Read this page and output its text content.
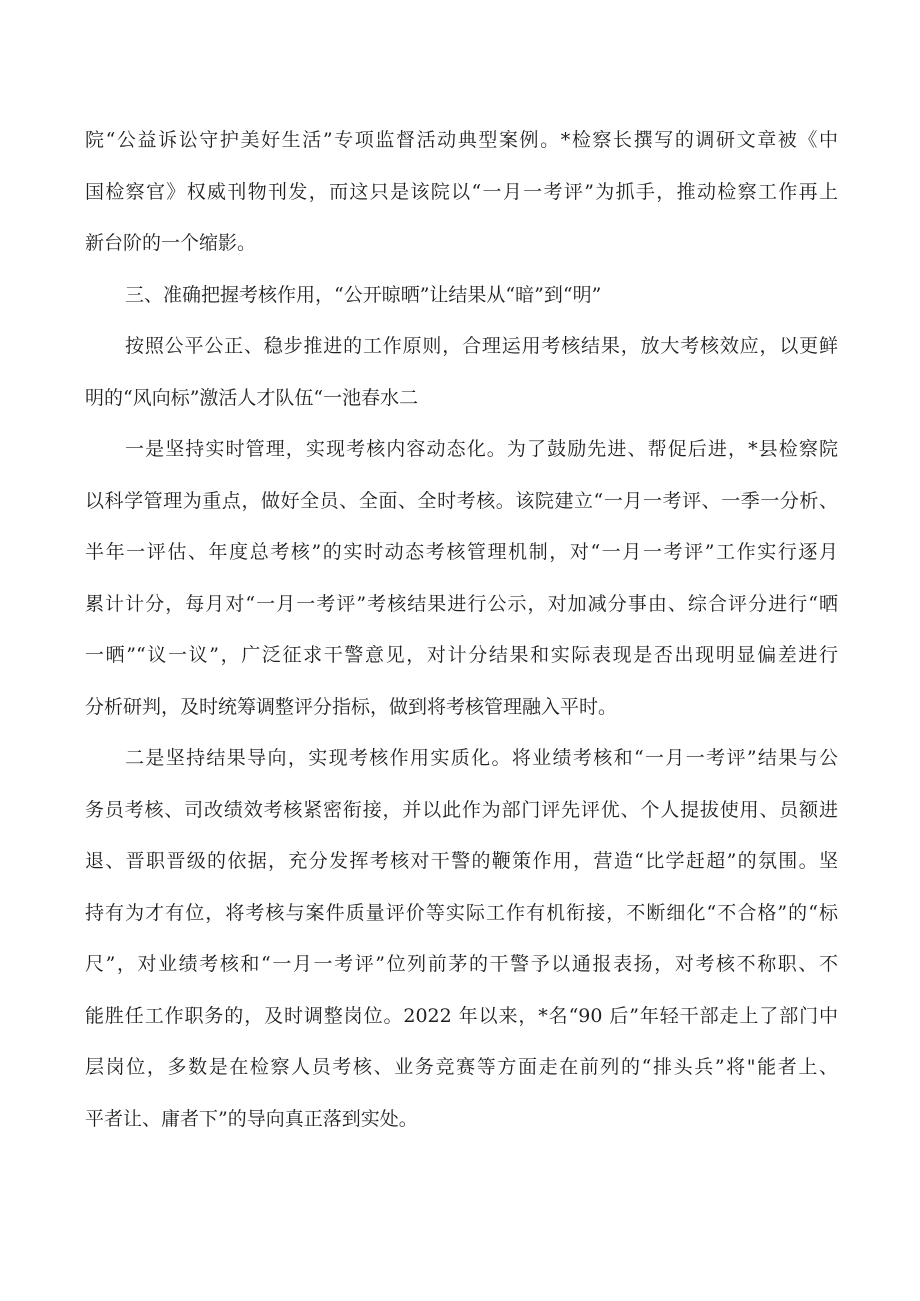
院“公益诉讼守护美好生活”专项监督活动典型案例。*检察长撰写的调研文章被《中
国检察官》权威刊物刊发，而这只是该院以“一月一考评”为抓手，推动检察工作再上
新台阶的一个缩影。
三、准确把握考核作用，“公开晾晒”让结果从“暗”到“明”
按照公平公正、稳步推进的工作原则，合理运用考核结果，放大考核效应，以更鲜
明的“风向标”激活人才队伍“一池春水二
一是坚持实时管理，实现考核内容动态化。为了鼓励先进、帮促后进，*县检察院
以科学管理为重点，做好全员、全面、全时考核。该院建立“一月一考评、一季一分析、
半年一评估、年度总考核”的实时动态考核管理机制，对“一月一考评”工作实行逐月
累计计分，每月对“一月一考评”考核结果进行公示，对加减分事由、综合评分进行“晒
一晒”“议一议”，广泛征求干警意见，对计分结果和实际表现是否出现明显偏差进行
分析研判，及时统筹调整评分指标，做到将考核管理融入平时。
二是坚持结果导向，实现考核作用实质化。将业绩考核和“一月一考评”结果与公
务员考核、司改绩效考核紧密衔接，并以此作为部门评先评优、个人提拔使用、员额进
退、晋职晋级的依据，充分发挥考核对干警的鞭策作用，营造“比学赶超”的氛围。坚
持有为才有位，将考核与案件质量评价等实际工作有机衔接，不断细化“不合格”的“标
尺”，对业绩考核和“一月一考评”位列前茅的干警予以通报表扬，对考核不称职、不
能胜任工作职务的，及时调整岗位。2022 年以来，*名“90 后”年轻干部走上了部门中
层岗位，多数是在检察人员考核、业务竞赛等方面走在前列的“排头兵”将"能者上、
平者让、庸者下”的导向真正落到实处。
